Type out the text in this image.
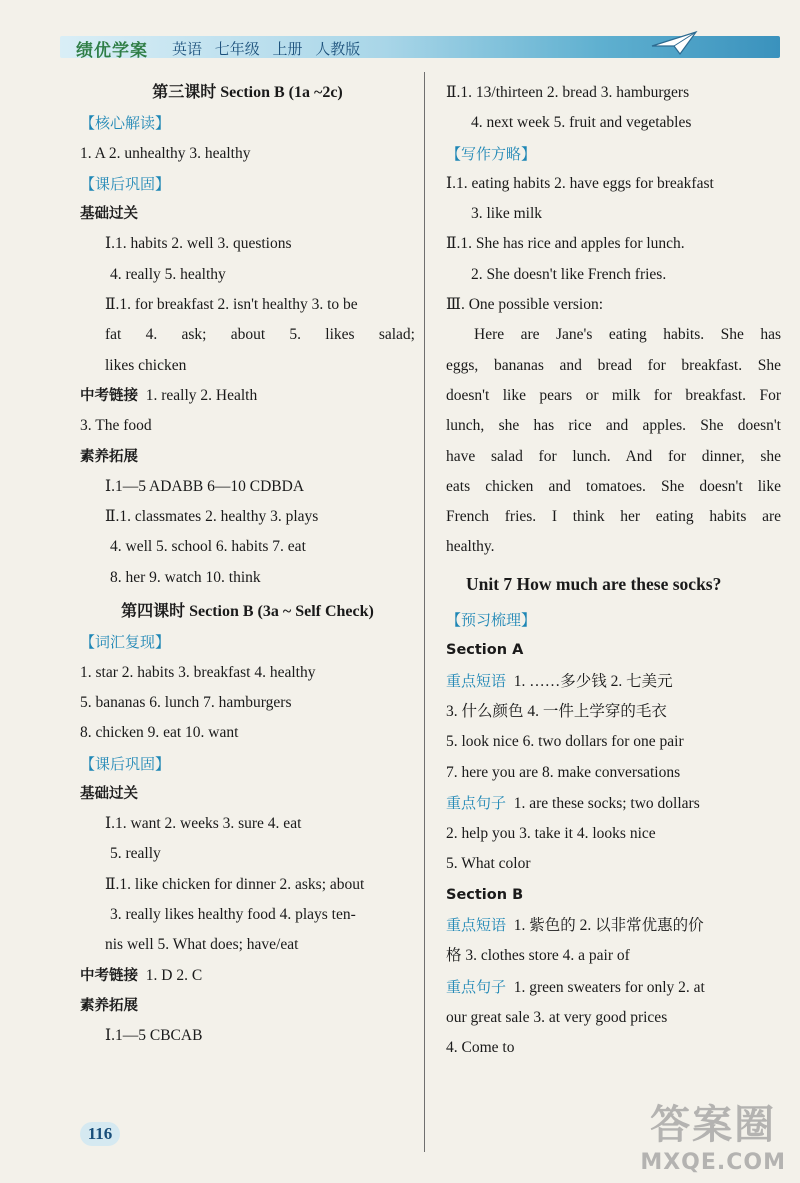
绩优学案 英语 七年级 上册 人教版
第三课时 Section B (1a ~2c)
【核心解读】
1. A 2. unhealthy 3. healthy
【课后巩固】
基础过关
Ⅰ.1. habits 2. well 3. questions
4. really 5. healthy
Ⅱ.1. for breakfast 2. isn't healthy 3. to be
fat 4. ask; about 5. likes salad;
likes chicken
中考链接 1. really 2. Health
3. The food
素养拓展
Ⅰ.1—5 ADABB 6—10 CDBDA
Ⅱ.1. classmates 2. healthy 3. plays
4. well 5. school 6. habits 7. eat
8. her 9. watch 10. think
第四课时 Section B (3a ~ Self Check)
【词汇复现】
1. star 2. habits 3. breakfast 4. healthy
5. bananas 6. lunch 7. hamburgers
8. chicken 9. eat 10. want
【课后巩固】
基础过关
Ⅰ.1. want 2. weeks 3. sure 4. eat
5. really
Ⅱ.1. like chicken for dinner 2. asks; about
3. really likes healthy food 4. plays ten-
nis well 5. What does; have/eat
中考链接 1. D 2. C
素养拓展
Ⅰ.1—5 CBCAB
Ⅱ.1. 13/thirteen 2. bread 3. hamburgers
4. next week 5. fruit and vegetables
【写作方略】
Ⅰ.1. eating habits 2. have eggs for breakfast
3. like milk
Ⅱ.1. She has rice and apples for lunch.
2. She doesn't like French fries.
Ⅲ. One possible version:
Here are Jane's eating habits. She has
eggs, bananas and bread for breakfast. She
doesn't like pears or milk for breakfast. For
lunch, she has rice and apples. She doesn't
have salad for lunch. And for dinner, she
eats chicken and tomatoes. She doesn't like
French fries. I think her eating habits are
healthy.
Unit 7 How much are these socks?
【预习梳理】
Section A
重点短语 1. ……多少钱 2. 七美元
3. 什么颜色 4. 一件上学穿的毛衣
5. look nice 6. two dollars for one pair
7. here you are 8. make conversations
重点句子 1. are these socks; two dollars
2. help you 3. take it 4. looks nice
5. What color
Section B
重点短语 1. 紫色的 2. 以非常优惠的价
格 3. clothes store 4. a pair of
重点句子 1. green sweaters for only 2. at
our great sale 3. at very good prices
4. Come to
116	答案圈
MXQE.COM
